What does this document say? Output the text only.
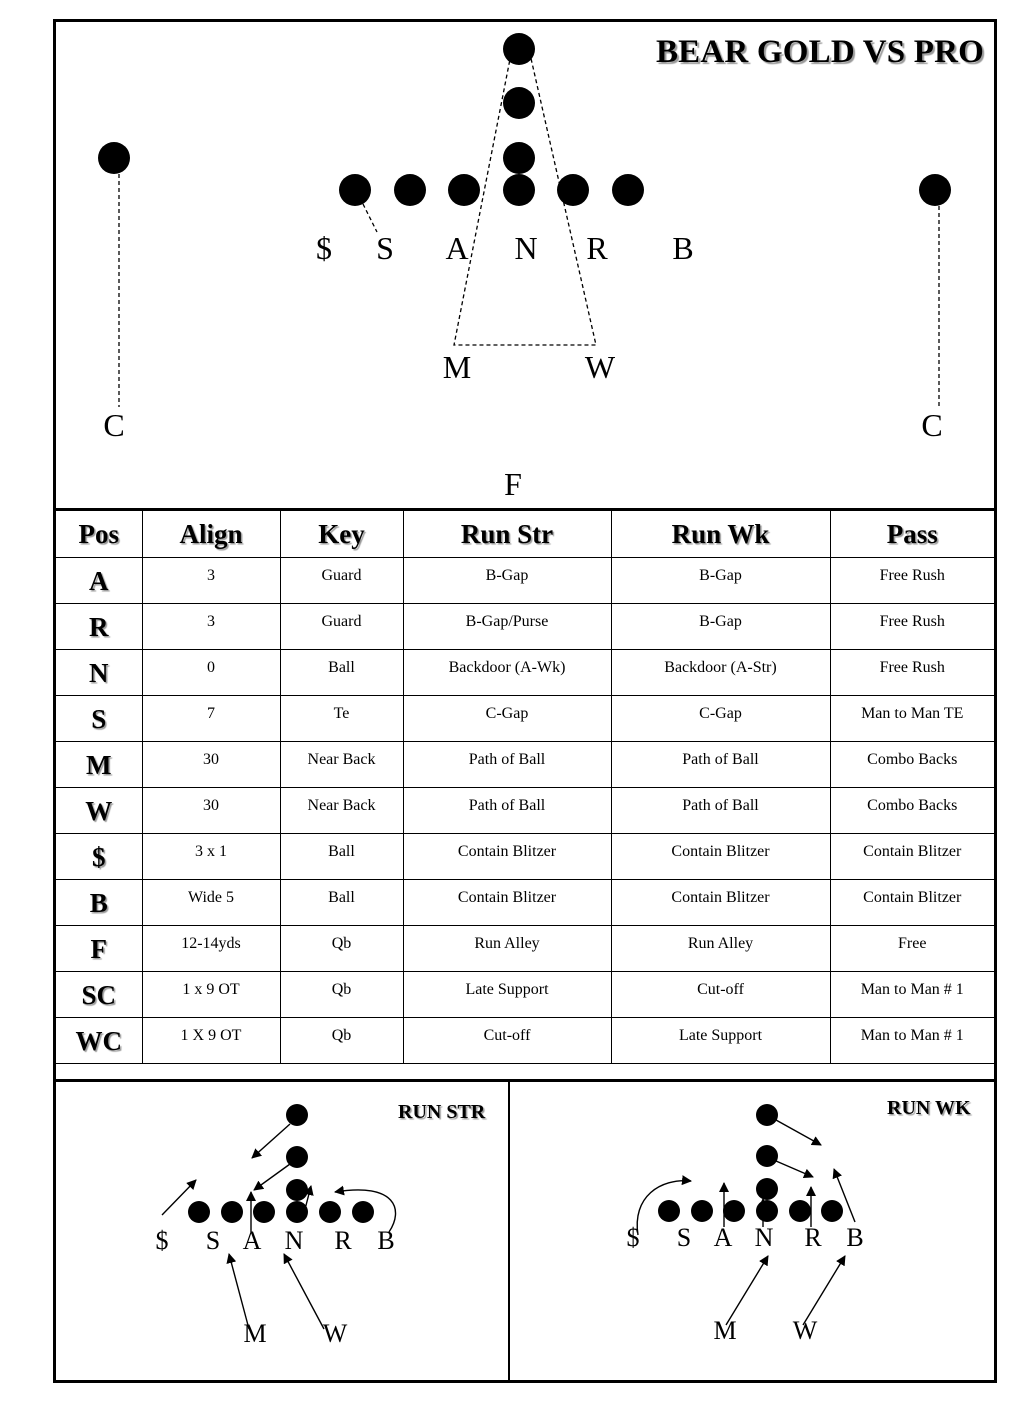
BEAR GOLD VS PRO
$ S A N R B
M	W
C	C
F
Pos	Align	Key	Run Str	Run Wk	Pass
A	3	Guard	B-Gap	B-Gap	Free Rush
R	3	Guard	B-Gap/Purse	B-Gap	Free Rush
N	0	Ball	Backdoor (A-Wk)	Backdoor (A-Str)	Free Rush
S	7	Te	C-Gap	C-Gap	Man to Man TE
M	30	Near Back	Path of Ball	Path of Ball	Combo Backs
W	30	Near Back	Path of Ball	Path of Ball	Combo Backs
$	3 x 1	Ball	Contain Blitzer	Contain Blitzer	Contain Blitzer
B	Wide 5	Ball	Contain Blitzer	Contain Blitzer	Contain Blitzer
F	12-14yds	Qb	Run Alley	Run Alley	Free
SC	1 x 9 OT	Qb	Late Support	Cut-off	Man to Man # 1
WC	1 X 9 OT	Qb	Cut-off	Late Support	Man to Man # 1
RUN STR
$ S A N R B
M W
RUN WK
$ S A N R B
M W
